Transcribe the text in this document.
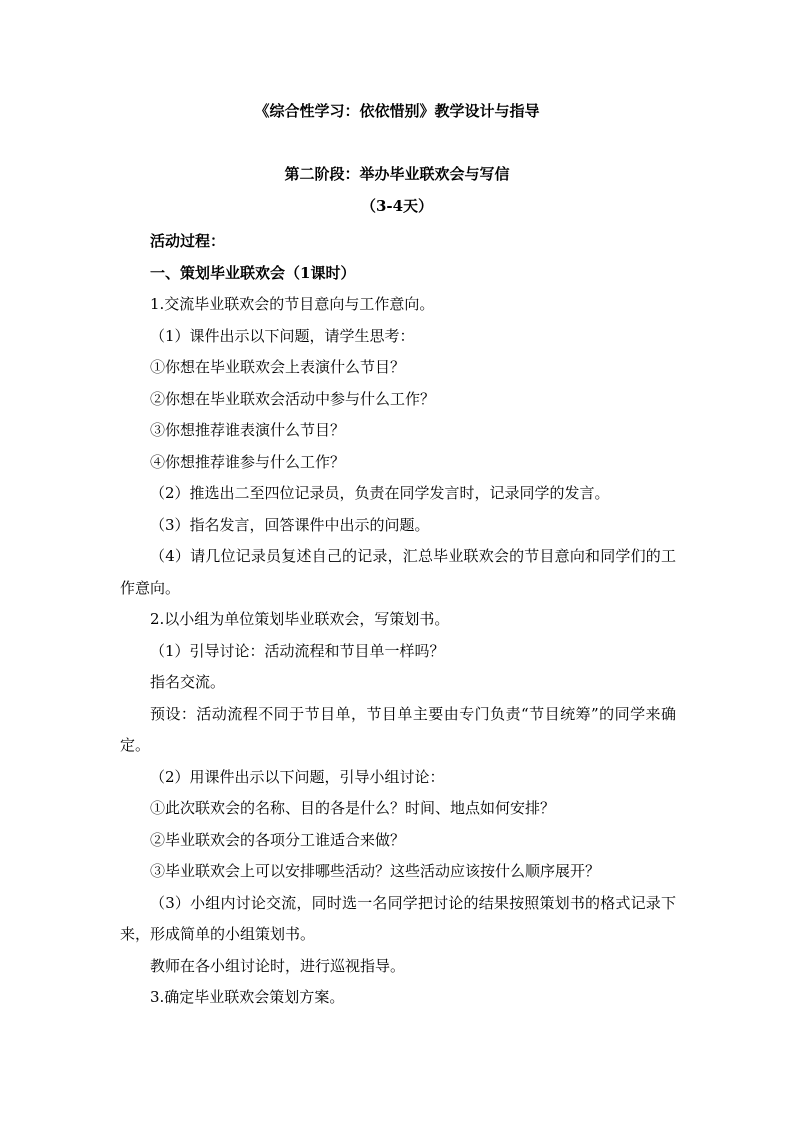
《综合性学习：依依惜别》教学设计与指导
第二阶段：举办毕业联欢会与写信
（3-4天）

活动过程：

一、策划毕业联欢会（1课时）

1.交流毕业联欢会的节目意向与工作意向。

（1）课件出示以下问题，请学生思考：

①你想在毕业联欢会上表演什么节目？

②你想在毕业联欢会活动中参与什么工作？

③你想推荐谁表演什么节目？

④你想推荐谁参与什么工作？

（2）推选出二至四位记录员，负责在同学发言时，记录同学的发言。

（3）指名发言，回答课件中出示的问题。

（4）请几位记录员复述自己的记录，汇总毕业联欢会的节目意向和同学们的工作意向。

2.以小组为单位策划毕业联欢会，写策划书。

（1）引导讨论：活动流程和节目单一样吗？

指名交流。

预设：活动流程不同于节目单，节目单主要由专门负责“节目统筹”的同学来确定。

（2）用课件出示以下问题，引导小组讨论：

①此次联欢会的名称、目的各是什么？时间、地点如何安排？

②毕业联欢会的各项分工谁适合来做？

③毕业联欢会上可以安排哪些活动？这些活动应该按什么顺序展开？

（3）小组内讨论交流，同时选一名同学把讨论的结果按照策划书的格式记录下来，形成简单的小组策划书。

教师在各小组讨论时，进行巡视指导。

3.确定毕业联欢会策划方案。
